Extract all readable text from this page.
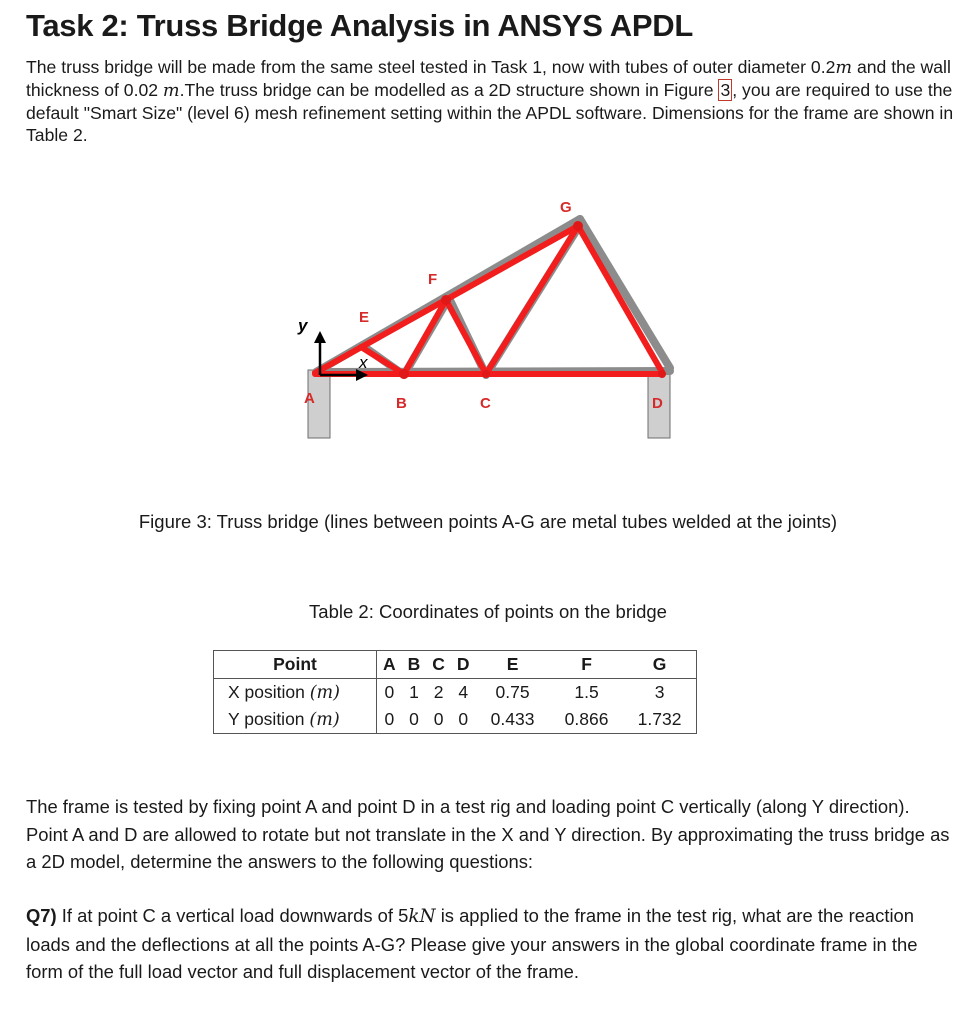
Task 2: Truss Bridge Analysis in ANSYS APDL

The truss bridge will be made from the same steel tested in Task 1, now with tubes of outer diameter 0.2m and the wall thickness of 0.02 m.The truss bridge can be modelled as a 2D structure shown in Figure 3 , you are required to use the default "Smart Size" (level 6) mesh refinement setting within the APDL software. Dimensions for the frame are shown in Table 2.

y
x
A	B	C	D
E
F
G

Figure 3: Truss bridge (lines between points A-G are metal tubes welded at the joints)

Table 2: Coordinates of points on the bridge

Point	A	B	C	D	E	F	G
X position (m)	0	1	2	4	0.75	1.5	3
Y position (m)	0	0	0	0	0.433	0.866	1.732

The frame is tested by fixing point A and point D in a test rig and loading point C vertically (along Y direction). Point A and D are allowed to rotate but not translate in the X and Y direction. By approximating the truss bridge as a 2D model, determine the answers to the following questions:

Q7) If at point C a vertical load downwards of 5kN is applied to the frame in the test rig, what are the reaction loads and the deflections at all the points A-G? Please give your answers in the global coordinate frame in the form of the full load vector and full displacement vector of the frame.
